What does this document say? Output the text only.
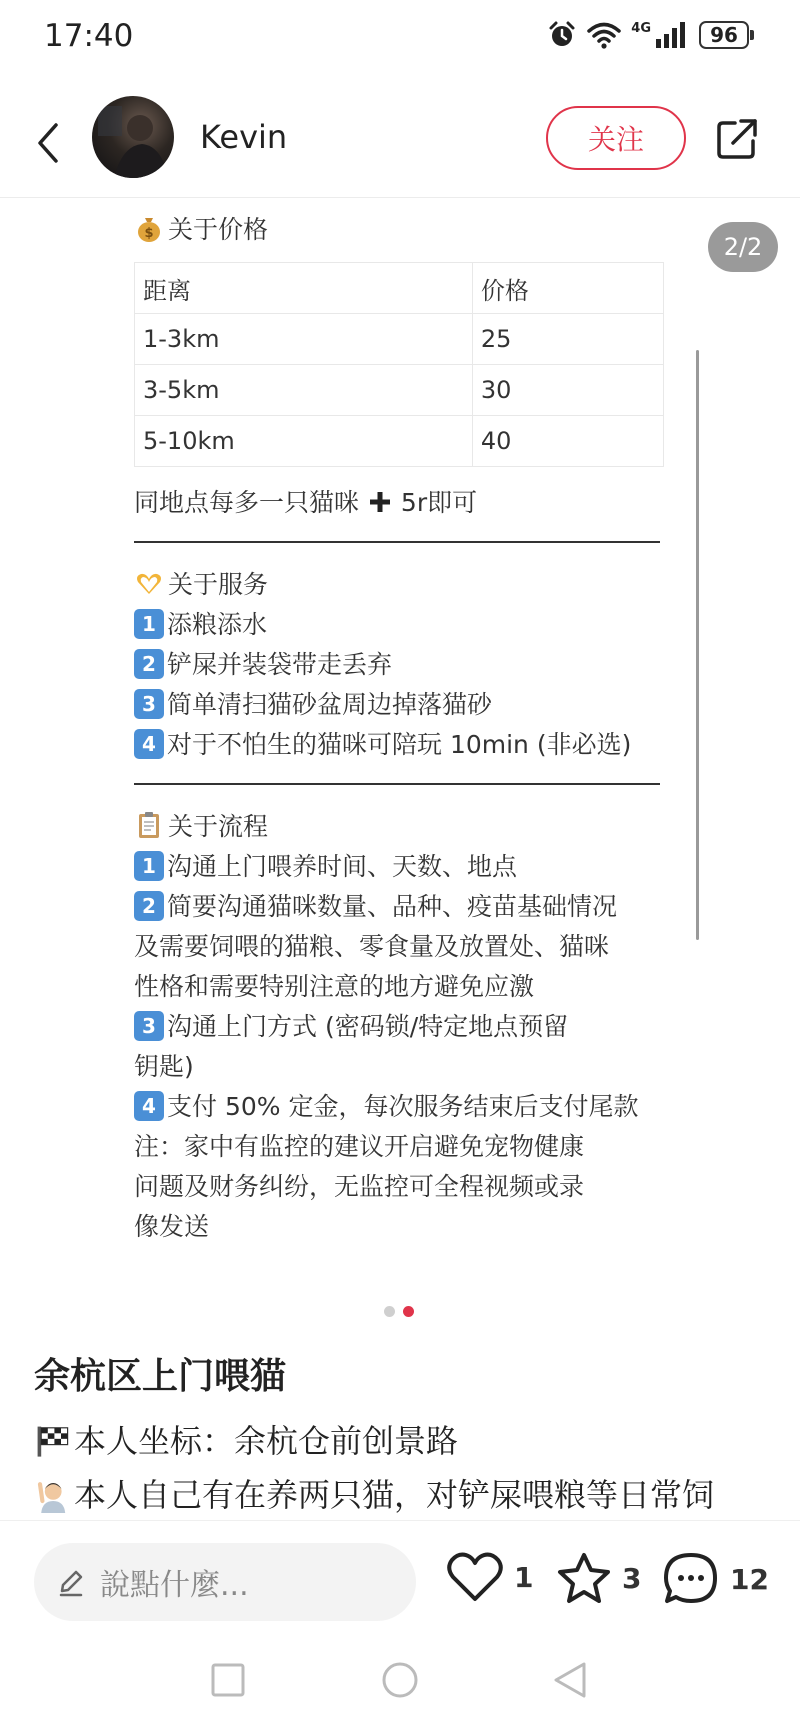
17:40	4G	96
Kevin	关注
2/2
$ 关于价格
距离	价格
1-3km	25
3-5km	30
5-10km	40
同地点每多一只猫咪 5r即可
关于服务
1 添粮添水
2 铲屎并装袋带走丢弃
3 简单清扫猫砂盆周边掉落猫砂
4 对于不怕生的猫咪可陪玩 10min (非必选)
关于流程
1 沟通上门喂养时间、天数、地点
2 简要沟通猫咪数量、品种、疫苗基础情况
及需要饲喂的猫粮、零食量及放置处、猫咪
性格和需要特别注意的地方避免应激
3 沟通上门方式 (密码锁/特定地点预留
钥匙)
4 支付 50% 定金，每次服务结束后支付尾款
注：家中有监控的建议开启避免宠物健康
问题及财务纠纷，无监控可全程视频或录
像发送
余杭区上门喂猫
本人坐标：余杭仓前创景路
本人自己有在养两只猫，对铲屎喂粮等日常饲
說點什麼...	1	3	12
